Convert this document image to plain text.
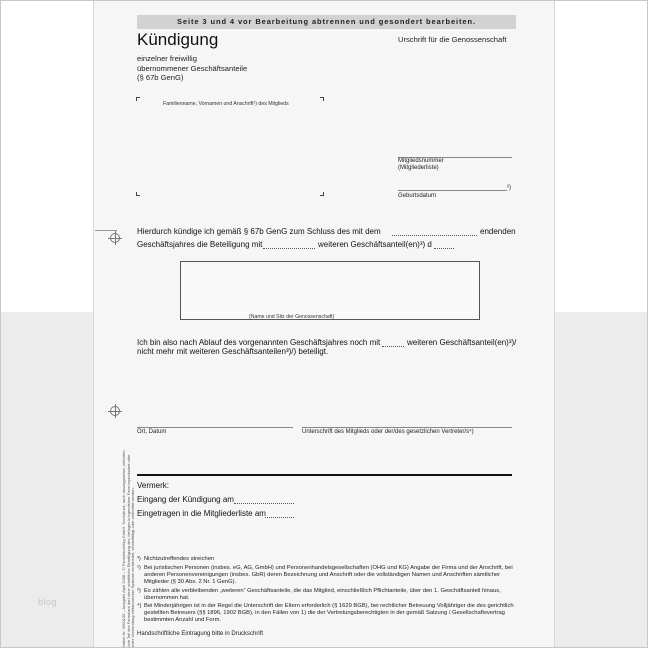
Seite 3 und 4 vor Bearbeitung abtrennen und gesondert bearbeiten.
Kündigung	Urschrift für die Genossenschaft
einzelner freiwillig
übernommener Geschäftsanteile
(§ 67b GenG)
Familienname, Vornamen und Anschrift¹) des Mitglieds
Mitgliedsnummer
(Mitgliederliste)
²)
Geburtsdatum
Hierdurch kündige ich gemäß § 67b GenG zum Schluss des mit dem	endenden
Geschäftsjahres die Beteiligung mit	weiteren Geschäftsanteil(en)³) d
(Name und Sitz der Genossenschaft)
Ich bin also nach Ablauf des vorgenannten Geschäftsjahres noch mit	weiteren Geschäftsanteil(en)³)/
nicht mehr mit weiteren Geschäftsanteilen³)/) beteiligt.
Ort, Datum	Unterschrift des Mitglieds oder der/des gesetzlichen Vertreter/s⁴)
Vermerk:
Eingang der Kündigung am
Eingetragen in die Mitgliederliste am
³) Nichtzutreffendes streichen
¹) Bei juristischen Personen (insbes. eG, AG, GmbH) und Personenhandelsgesellschaften (OHG und KG) Angabe der Firma und der Anschrift, bei anderen Personenvereinigungen (insbes. GbR) deren Bezeichnung und Anschrift oder die vollständigen Namen und Anschriften sämtlicher Mitglieder (§ 30 Abs. 2 Nr. 1 GenG).
²) Es zählen alle verbleibenden „weiteren“ Geschäftsanteile, die das Mitglied, einschließlich Pflichtanteile, über den 1. Geschäftsanteil hinaus, übernommen hat.
⁴) Bei Minderjährigen ist in der Regel die Unterschrift der Eltern erforderlich (§ 1629 BGB), bei rechtlicher Betreuung Volljähriger die des gerichtlich gestellten Betreuers (§§ 1896, 1902 BGB), in den Fällen von 1) die der Vertretungsberechtigten in der gemäß Satzung / Gesellschaftsvertrag bestimmten Anzahl und Form.
Handschriftliche Eintragung bitte in Druckschrift
Artikel-Nr. 3600100 – Ausgabe April 2008 – © Formularverlag GmbH. Nachdruck, auch auszugsweise, verboten. Kein Teil des Formulars darf ohne schriftliche Einwilligung des Verlages in irgendeiner Form reproduziert oder unter Verwendung elektronischer Systeme verarbeitet, vervielfältigt oder verbreitet werden.
blog
